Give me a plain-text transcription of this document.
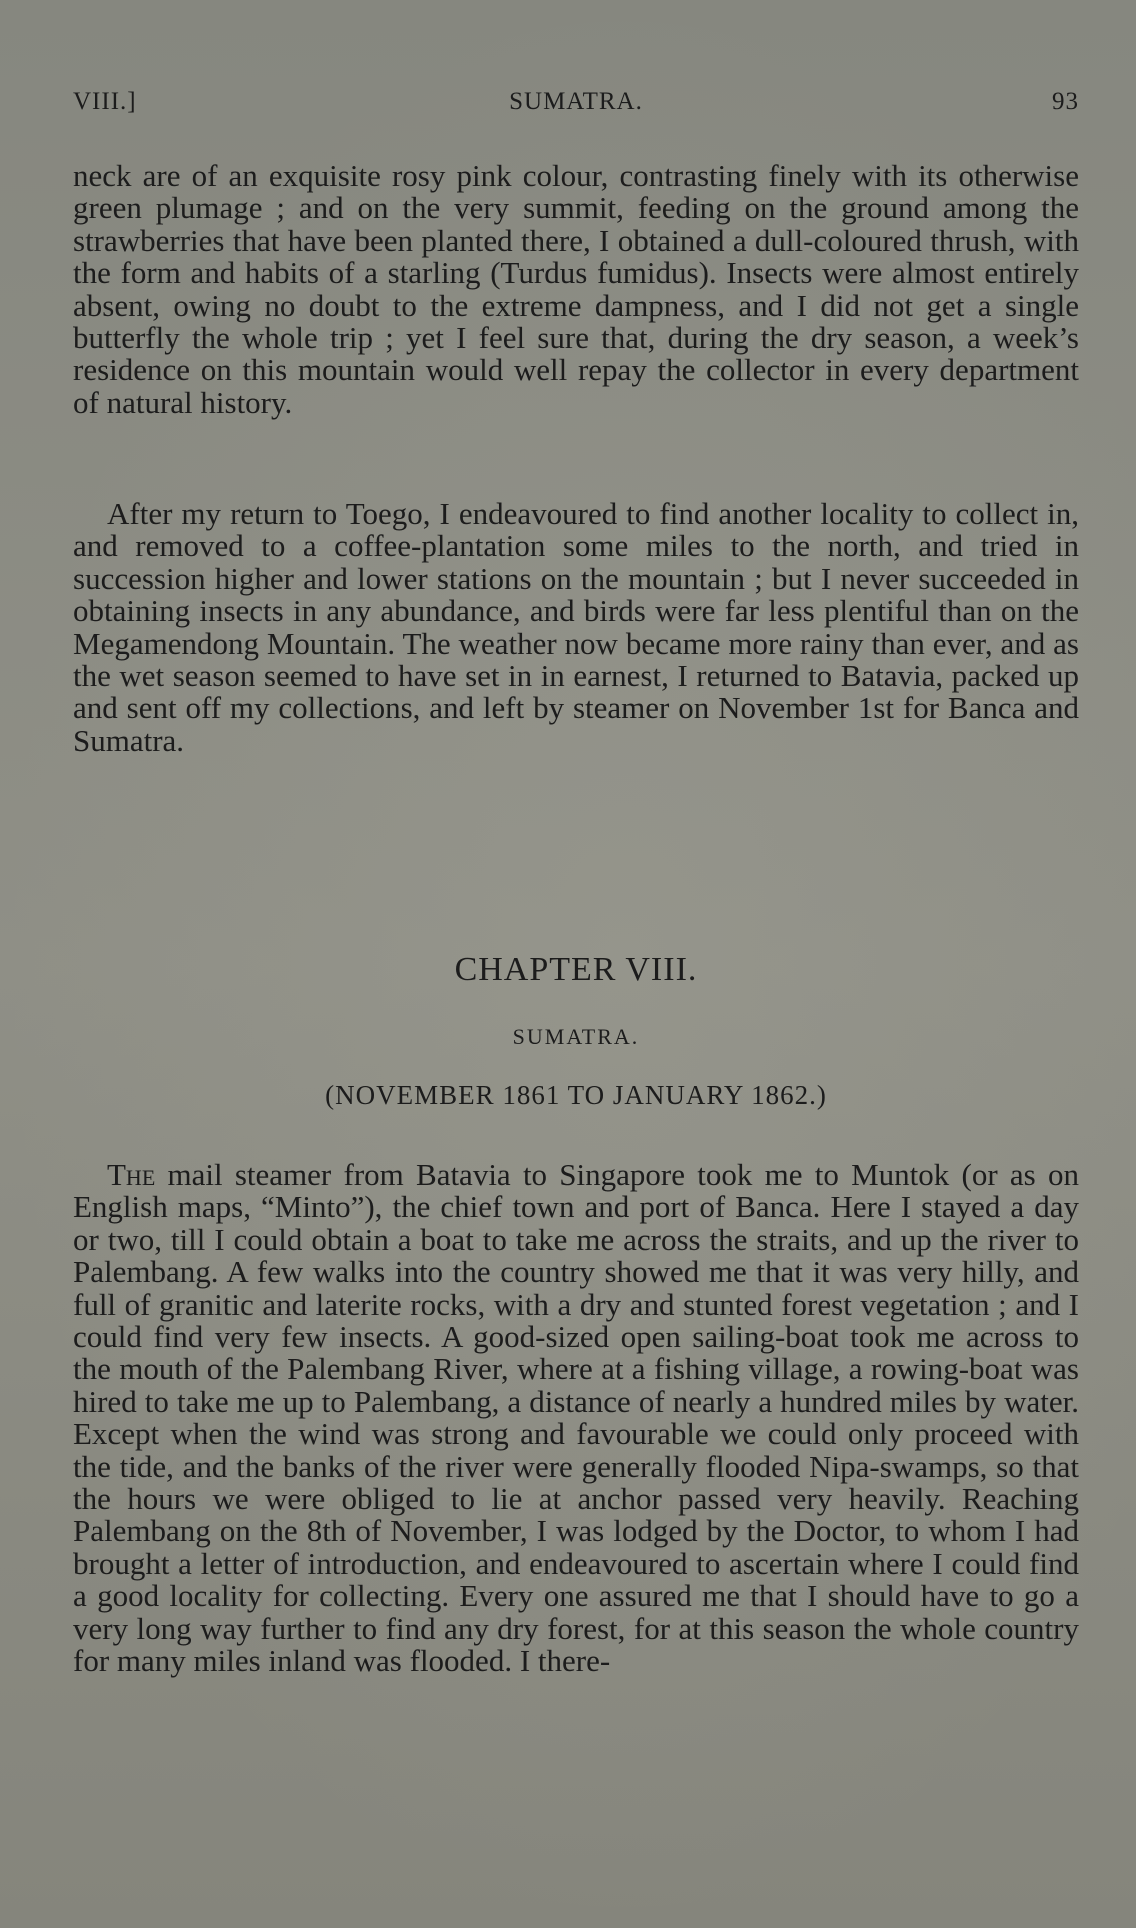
VIII.]	SUMATRA.	93

neck are of an exquisite rosy pink colour, contrasting finely with its otherwise green plumage ; and on the very summit, feeding on the ground among the strawberries that have been planted there, I obtained a dull-coloured thrush, with the form and habits of a starling (Turdus fumidus). Insects were almost entirely absent, owing no doubt to the extreme dampness, and I did not get a single butterfly the whole trip ; yet I feel sure that, during the dry season, a week’s residence on this mountain would well repay the collector in every department of natural history.

After my return to Toego, I endeavoured to find another locality to collect in, and removed to a coffee-plantation some miles to the north, and tried in succession higher and lower stations on the mountain ; but I never succeeded in obtaining insects in any abundance, and birds were far less plentiful than on the Megamendong Mountain. The weather now became more rainy than ever, and as the wet season seemed to have set in in earnest, I returned to Batavia, packed up and sent off my collections, and left by steamer on November 1st for Banca and Sumatra.

CHAPTER VIII.
SUMATRA.
(NOVEMBER 1861 TO JANUARY 1862.)

The mail steamer from Batavia to Singapore took me to Muntok (or as on English maps, “Minto”), the chief town and port of Banca. Here I stayed a day or two, till I could obtain a boat to take me across the straits, and up the river to Palembang. A few walks into the country showed me that it was very hilly, and full of granitic and laterite rocks, with a dry and stunted forest vegetation ; and I could find very few insects. A good-sized open sailing-boat took me across to the mouth of the Palembang River, where at a fishing village, a rowing-boat was hired to take me up to Palembang, a distance of nearly a hundred miles by water. Except when the wind was strong and favourable we could only proceed with the tide, and the banks of the river were generally flooded Nipa-swamps, so that the hours we were obliged to lie at anchor passed very heavily. Reaching Palembang on the 8th of November, I was lodged by the Doctor, to whom I had brought a letter of introduction, and endeavoured to ascertain where I could find a good locality for collecting. Every one assured me that I should have to go a very long way further to find any dry forest, for at this season the whole country for many miles inland was flooded. I there-
